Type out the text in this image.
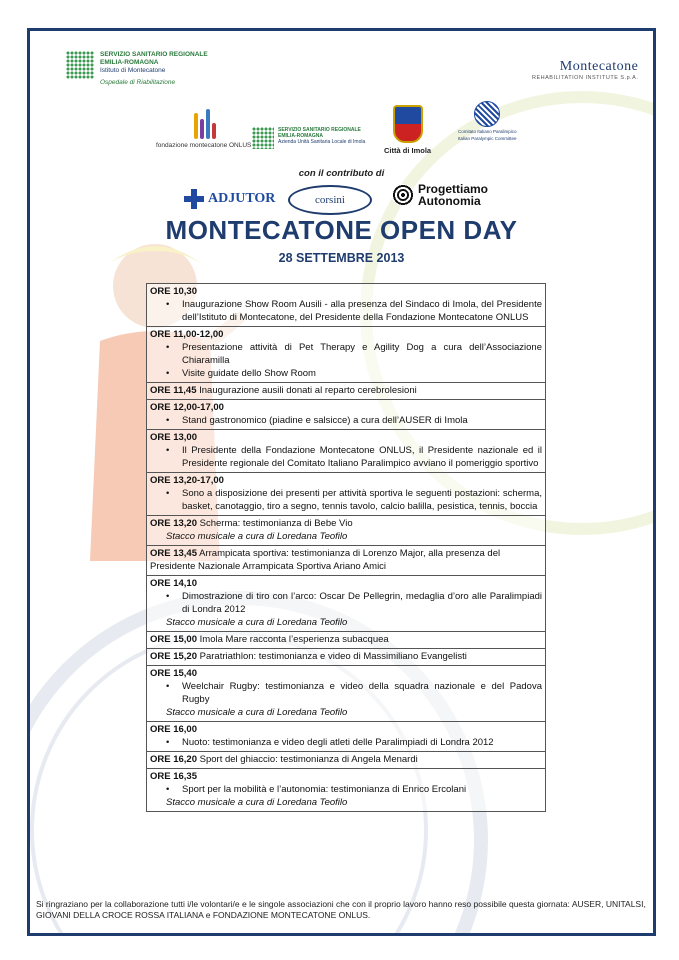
SERVIZIO SANITARIO REGIONALE
EMILIA-ROMAGNA
Istituto di Montecatone
Ospedale di Riabilitazione
Montecatone
REHABILITATION INSTITUTE S.p.A.
fondazione montecatone ONLUS
SERVIZIO SANITARIO REGIONALE
EMILIA-ROMAGNA
Azienda Unità Sanitaria Locale di Imola
Città di Imola
Comitato Italiano Paralimpico
Italian Paralympic Committee
con il contributo di
ADJUTOR	corsini
Progettiamo
Autonomia
MONTECATONE OPEN DAY
28 SETTEMBRE 2013
ORE 10,30
•	Inaugurazione Show Room Ausili - alla presenza del Sindaco di Imola, del Presidente dell’Istituto di Montecatone, del Presidente della Fondazione Montecatone ONLUS

ORE 11,00-12,00
•	Presentazione attività di Pet Therapy e Agility Dog a cura dell’Associazione Chiaramilla
•	Visite guidate dello Show Room

ORE 11,45 Inaugurazione ausili donati al reparto cerebrolesioni

ORE 12,00-17,00
•	Stand gastronomico (piadine e salsicce) a cura dell’AUSER di Imola

ORE 13,00
•	Il Presidente della Fondazione Montecatone ONLUS, il Presidente nazionale ed il Presidente regionale del Comitato Italiano Paralimpico avviano il pomeriggio sportivo

ORE 13,20-17,00
•	Sono a disposizione dei presenti per attività sportiva le seguenti postazioni: scherma, basket, canotaggio, tiro a segno, tennis tavolo, calcio balilla, pesistica, tennis, boccia

ORE 13,20 Scherma: testimonianza di Bebe Vio
Stacco musicale a cura di Loredana Teofilo

ORE 13,45 Arrampicata sportiva: testimonianza di Lorenzo Major, alla presenza del Presidente Nazionale Arrampicata Sportiva Ariano Amici

ORE 14,10
•	Dimostrazione di tiro con l’arco: Oscar De Pellegrin, medaglia d’oro alle Paralimpiadi di Londra 2012
Stacco musicale a cura di Loredana Teofilo

ORE 15,00 Imola Mare racconta l’esperienza subacquea

ORE 15,20 Paratriathlon: testimonianza e video di Massimiliano Evangelisti

ORE 15,40
•	Weelchair Rugby: testimonianza e video della squadra nazionale e del Padova Rugby
Stacco musicale a cura di Loredana Teofilo

ORE 16,00
•	Nuoto: testimonianza e video degli atleti delle Paralimpiadi di Londra 2012

ORE 16,20 Sport del ghiaccio: testimonianza di Angela Menardi

ORE 16,35
•	Sport per la mobilità e l’autonomia: testimonianza di Enrico Ercolani
Stacco musicale a cura di Loredana Teofilo
Si ringraziano per la collaborazione tutti i/le volontari/e e le singole associazioni che con il proprio lavoro hanno reso possibile questa giornata: AUSER, UNITALSI, GIOVANI DELLA CROCE ROSSA ITALIANA e FONDAZIONE MONTECATONE ONLUS.
